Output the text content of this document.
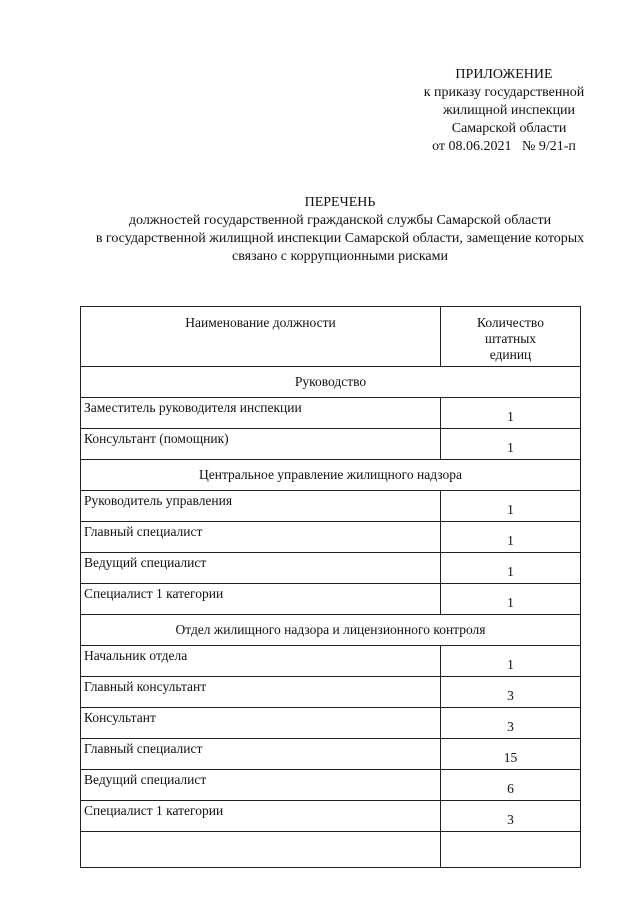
ПРИЛОЖЕНИЕ
к приказу государственной
жилищной инспекции
Самарской области
от 08.06.2021   № 9/21-п
ПЕРЕЧЕНЬ
должностей государственной гражданской службы Самарской области
в государственной жилищной инспекции Самарской области, замещение которых
связано с коррупционными рисками
Наименование должности	Количество
штатных
единиц

Руководство	
Заместитель руководителя инспекции	1
Консультант (помощник)	1
Центральное управление жилищного надзора	
Руководитель управления	1
Главный специалист	1
Ведущий специалист	1
Специалист 1 категории	1
Отдел жилищного надзора и лицензионного контроля	
Начальник отдела	1
Главный консультант	3
Консультант	3
Главный специалист	15
Ведущий специалист	6
Специалист 1 категории	3
